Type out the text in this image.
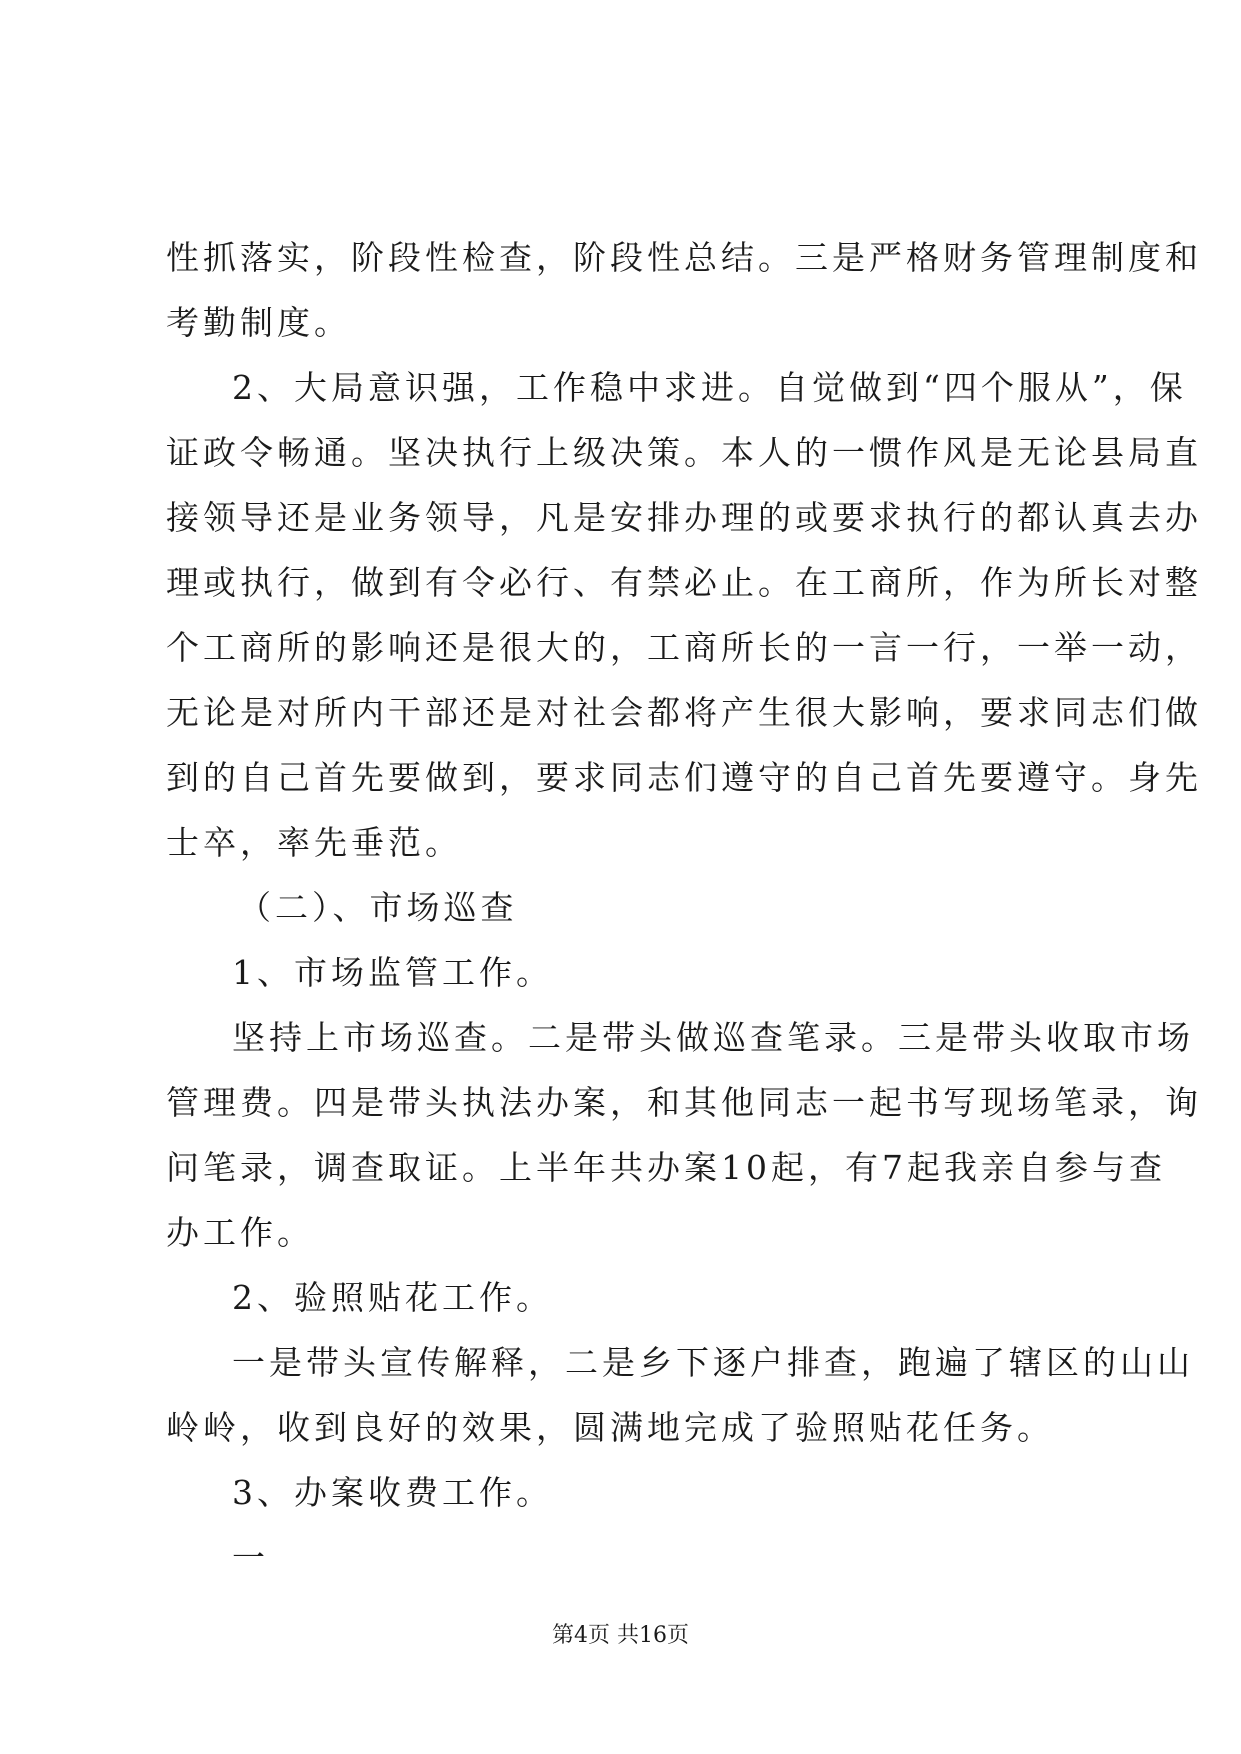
性抓落实，阶段性检查，阶段性总结。三是严格财务管理制度和
考勤制度。
2、大局意识强，工作稳中求进。自觉做到“四个服从”，保
证政令畅通。坚决执行上级决策。本人的一惯作风是无论县局直
接领导还是业务领导，凡是安排办理的或要求执行的都认真去办
理或执行，做到有令必行、有禁必止。在工商所，作为所长对整
个工商所的影响还是很大的，工商所长的一言一行，一举一动，
无论是对所内干部还是对社会都将产生很大影响，要求同志们做
到的自己首先要做到，要求同志们遵守的自己首先要遵守。身先
士卒，率先垂范。
（二）、市场巡查
1、市场监管工作。
坚持上市场巡查。二是带头做巡查笔录。三是带头收取市场
管理费。四是带头执法办案，和其他同志一起书写现场笔录，询
问笔录，调查取证。上半年共办案10起，有7起我亲自参与查
办工作。
2、验照贴花工作。
一是带头宣传解释，二是乡下逐户排查，跑遍了辖区的山山
岭岭，收到良好的效果，圆满地完成了验照贴花任务。
3、办案收费工作。
一
第4页 共16页
